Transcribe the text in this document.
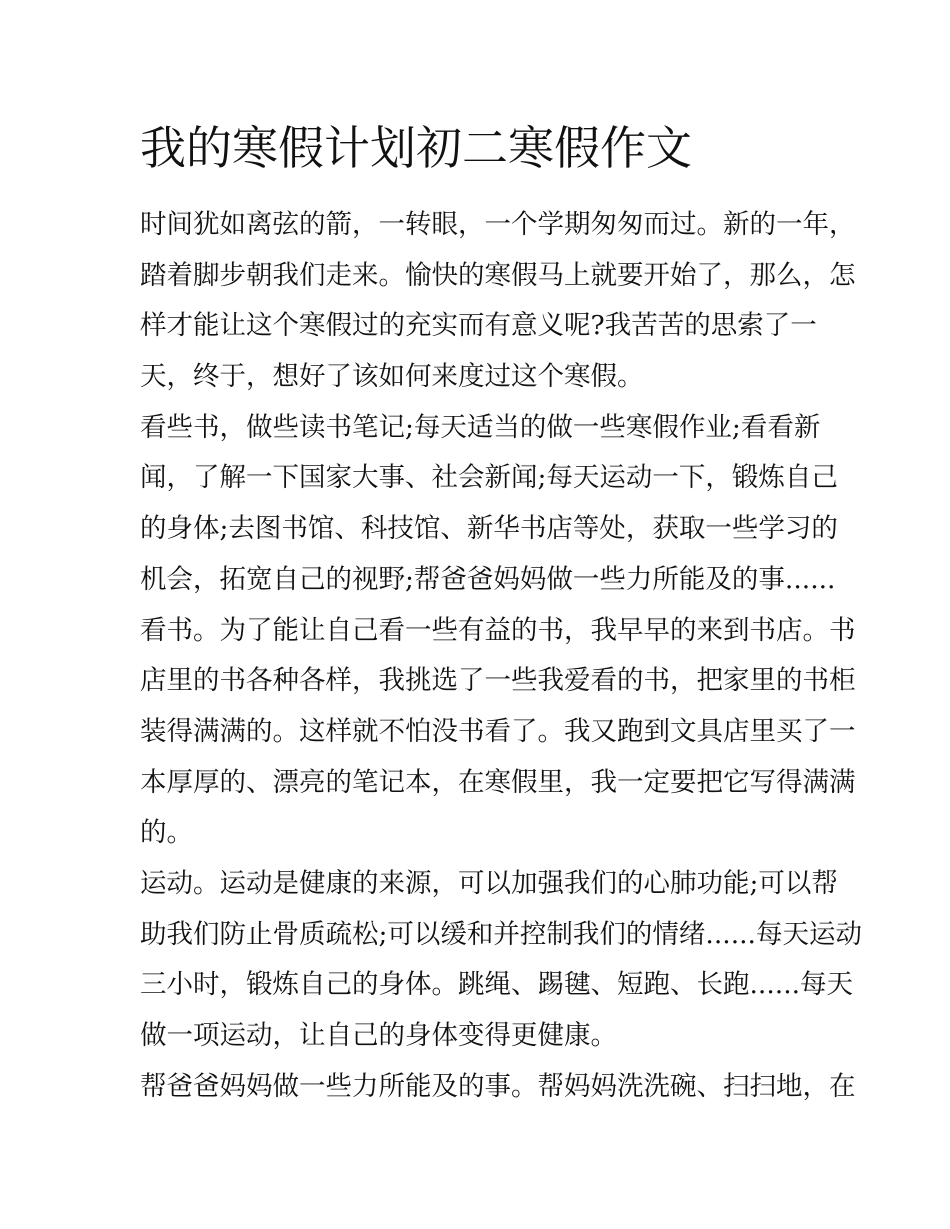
我的寒假计划初二寒假作文
时间犹如离弦的箭，一转眼，一个学期匆匆而过。新的一年，
踏着脚步朝我们走来。愉快的寒假马上就要开始了，那么，怎
样才能让这个寒假过的充实而有意义呢?我苦苦的思索了一
天，终于，想好了该如何来度过这个寒假。
看些书，做些读书笔记;每天适当的做一些寒假作业;看看新
闻，了解一下国家大事、社会新闻;每天运动一下，锻炼自己
的身体;去图书馆、科技馆、新华书店等处，获取一些学习的
机会，拓宽自己的视野;帮爸爸妈妈做一些力所能及的事......
看书。为了能让自己看一些有益的书，我早早的来到书店。书
店里的书各种各样，我挑选了一些我爱看的书，把家里的书柜
装得满满的。这样就不怕没书看了。我又跑到文具店里买了一
本厚厚的、漂亮的笔记本，在寒假里，我一定要把它写得满满
的。
运动。运动是健康的来源，可以加强我们的心肺功能;可以帮
助我们防止骨质疏松;可以缓和并控制我们的情绪......每天运动
三小时，锻炼自己的身体。跳绳、踢毽、短跑、长跑......每天
做一项运动，让自己的身体变得更健康。
帮爸爸妈妈做一些力所能及的事。帮妈妈洗洗碗、扫扫地，在
